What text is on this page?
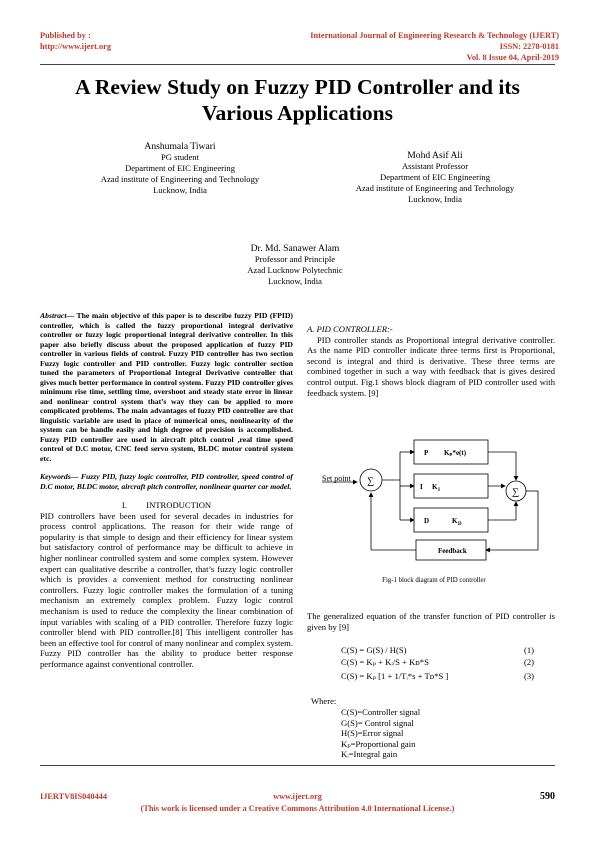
Published by :
http://www.ijert.org
International Journal of Engineering Research & Technology (IJERT)
ISSN: 2278-0181
Vol. 8 Issue 04, April-2019
A Review Study on Fuzzy PID Controller and its
Various Applications
Anshumala Tiwari
PG student
Department of EIC Engineering
Azad institute of Engineering and Technology
Lucknow, India
Mohd Asif Ali
Assistant Professor
Department of EIC Engineering
Azad institute of Engineering and Technology
Lucknow, India
Dr. Md. Sanawer Alam
Professor and Principle
Azad Lucknow Polytechnic
Lucknow, India
Abstract— The main objective of this paper is to describe fuzzy PID (FPID) controller, which is called the fuzzy proportional integral derivative controller or fuzzy logic proportional integral derivative controller. In this paper also briefly discuss about the proposed application of fuzzy PID controller in various fields of control. Fuzzy PID controller has two section Fuzzy logic controller and PID controller. Fuzzy logic controller section tuned the parameters of Proportional Integral Derivative controller that gives much better performance in control system. Fuzzy PID controller gives minimum rise time, settling time, overshoot and steady state error in linear and nonlinear control system that’s way they can be applied to more complicated problems. The main advantages of fuzzy PID controller are that linguistic variable are used in place of numerical ones, nonlinearity of the system can be handle easily and high degree of precision is accomplished. Fuzzy PID controller are used in aircraft pitch control ,real time speed control of D.C motor, CNC feed servo system, BLDC motor control system etc.
Keywords— Fuzzy PID, fuzzy logic controller, PID controller, speed control of D.C motor, BLDC motor, aircraft pitch controller, nonlinear quarter car model.
I. INTRODUCTION
PID controllers have been used for several decades in industries for process control applications. The reason for their wide range of popularity is that simple to design and their efficiency for linear system but satisfactory control of performance may be difficult to achieve in higher nonlinear controlled system and some complex system. However expert can qualitative describe a controller, that’s fuzzy logic controller which is provides a convenient method for constructing nonlinear controllers. Fuzzy logic controller makes the formulation of a tuning mechanism an extremely complex problem. Fuzzy logic control mechanism is used to reduce the complexity the linear combination of input variables with scaling of a PID controller. Therefore fuzzy logic controller blend with PID controller.[8] This intelligent controller has been an effective tool for control of many nonlinear and complex system. Fuzzy PID controller has the ability to produce better response performance against conventional controller.
A. PID CONTROLLER:-
PID controller stands as Proportional integral derivative controller. As the name PID controller indicate three terms first is Proportional, second is integral and third is derivative. These three terms are combined together in such a way with feedback that is gives desired control output. Fig.1 shows block diagram of PID controller used with feedback system. [9]
Set point ∑
P Kₚ*e(t)
I K I
D	K D
∑
Feedback
Fig-1 block diagram of PID controller
The generalized equation of the transfer function of PID controller is given by [9]
C(S) = G(S) / H(S)	(1)
C(S) = Kₚ + Kᵢ/S + Kᴅ*S	(2)
C(S) = Kₚ [1 + 1/Tᵢ*s + Tᴅ*S ]	(3)
Where:
C(S)=Controller signal
G(S)= Control signal
H(S)=Error signal
Kₚ=Proportional gain
Kᵢ=Integral gain
IJERTV8IS040444	www.ijert.org	590
(This work is licensed under a Creative Commons Attribution 4.0 International License.)
